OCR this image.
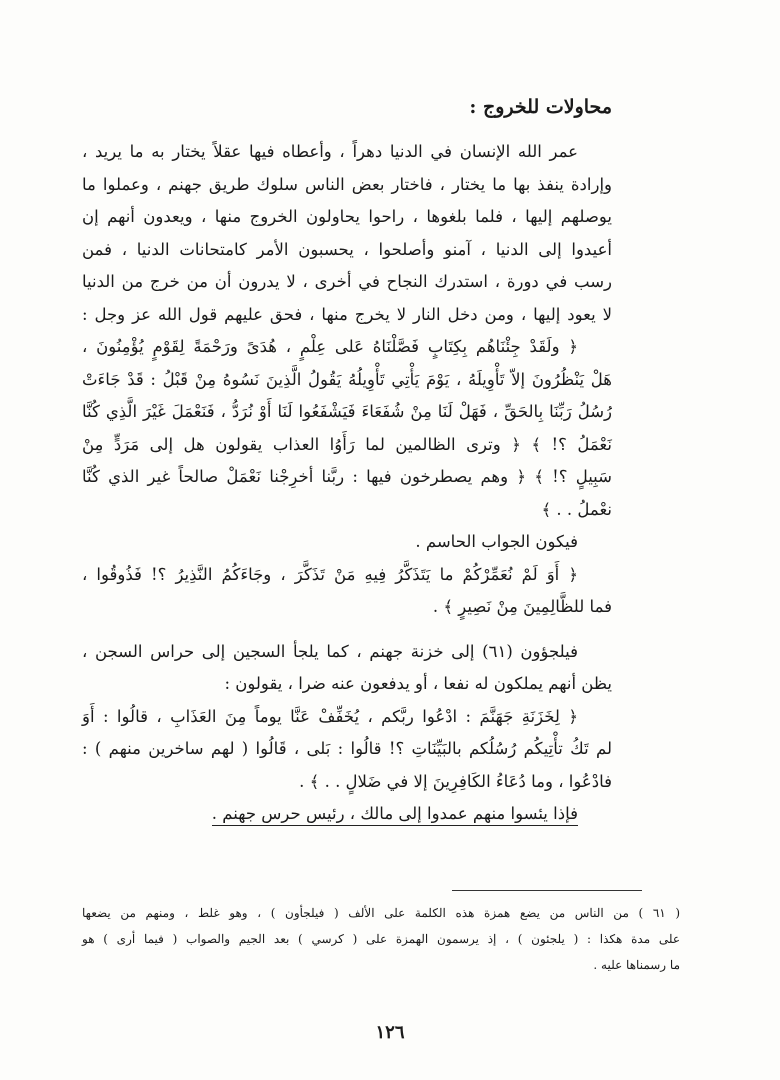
محاولات للخروج :
عمر الله الإنسان في الدنيا دهراً ، وأعطاه فيها عقلاً يختار به ما يريد ،
وإرادة ينفذ بها ما يختار ، فاختار بعض الناس سلوك طريق جهنم ، وعملوا ما
يوصلهم إليها ، فلما بلغوها ، راحوا يحاولون الخروج منها ، ويعدون أنهم إن
أعيدوا إلى الدنيا ، آمنو وأصلحوا ، يحسبون الأمر كامتحانات الدنيا ، فمن
رسب في دورة ، استدرك النجاح في أخرى ، لا يدرون أن من خرج من الدنيا
لا يعود إليها ، ومن دخل النار لا يخرج منها ، فحق عليهم قول الله عز وجل :
﴿ ولَقَدْ جِئْنَاهُم بِكِتَابٍ فَصَّلْنَاهُ عَلى عِلْمٍ ، هُدَىً ورَحْمَةً لِقَوْمٍ يُؤْمِنُونَ ،
هَلْ يَنْظُرُونَ إلاّ تَأْوِيلَهُ ، يَوْمَ يَأْتِي تَأْوِيلُهُ يَقُولُ الَّذِينَ نَسُوهُ مِنْ قَبْلُ : قَدْ جَاءَتْ
رُسُلُ رَبِّنَا بِالحَقِّ ، فَهَلْ لَنَا مِنْ شُفَعَاءَ فَيَشْفَعُوا لَنَا أَوْ نُرَدُّ ، فَنَعْمَلَ غَيْرَ الَّذِي كُنَّا
نَعْمَلُ ؟! ﴾ ﴿ وترى الظالمين لما رَأَوُا العذاب يقولون هل إلى مَرَدٍّ مِنْ
سَبِيلٍ ؟! ﴾ ﴿ وهم يصطرخون فيها : ربَّنا أخرِجْنا نَعْمَلْ صالحاً غير الذي كُنَّا
نعْملُ . . ﴾
فيكون الجواب الحاسم .
﴿ أَوَ لَمْ نُعَمِّرْكُمْ ما يَتَذَكَّرُ فِيهِ مَنْ تَذَكَّرَ ، وجَاءَكُمُ النَّذِيرُ ؟! فَذُوقُوا ،
فما للظَّالِمِينَ مِنْ نَصِيرٍ ﴾ .
فيلجؤون (٦١) إلى خزنة جهنم ، كما يلجأ السجين إلى حراس السجن ،
يظن أنهم يملكون له نفعا ، أو يدفعون عنه ضرا ، يقولون :
﴿ لِخَزَنَةِ جَهَنَّمَ : ادْعُوا ربَّكم ، يُخَفِّفْ عَنَّا يوماً مِنَ العَذَابِ ، قالُوا : أَوَ
لم تَكُ تأْتِيكُم رُسُلُكم بالبَيِّنَاتِ ؟! قالُوا : بَلى ، قَالُوا ( لهم ساخرين منهم ) :
فادْعُوا ، وما دُعَاءُ الكَافِرِينَ إلا في ضَلالٍ . . ﴾ .
فإذا يئسوا منهم عمدوا إلى مالك ، رئيس حرس جهنم .
( ٦١ ) من الناس من يضع همزة هذه الكلمة على الألف ( فيلجأون ) ، وهو غلط ، ومنهم من يضعها
على مدة هكذا : ( يلجئون ) ، إذ يرسمون الهمزة على ( كرسي ) بعد الجيم والصواب ( فيما أرى ) هو
ما رسمناها عليه .
١٢٦
